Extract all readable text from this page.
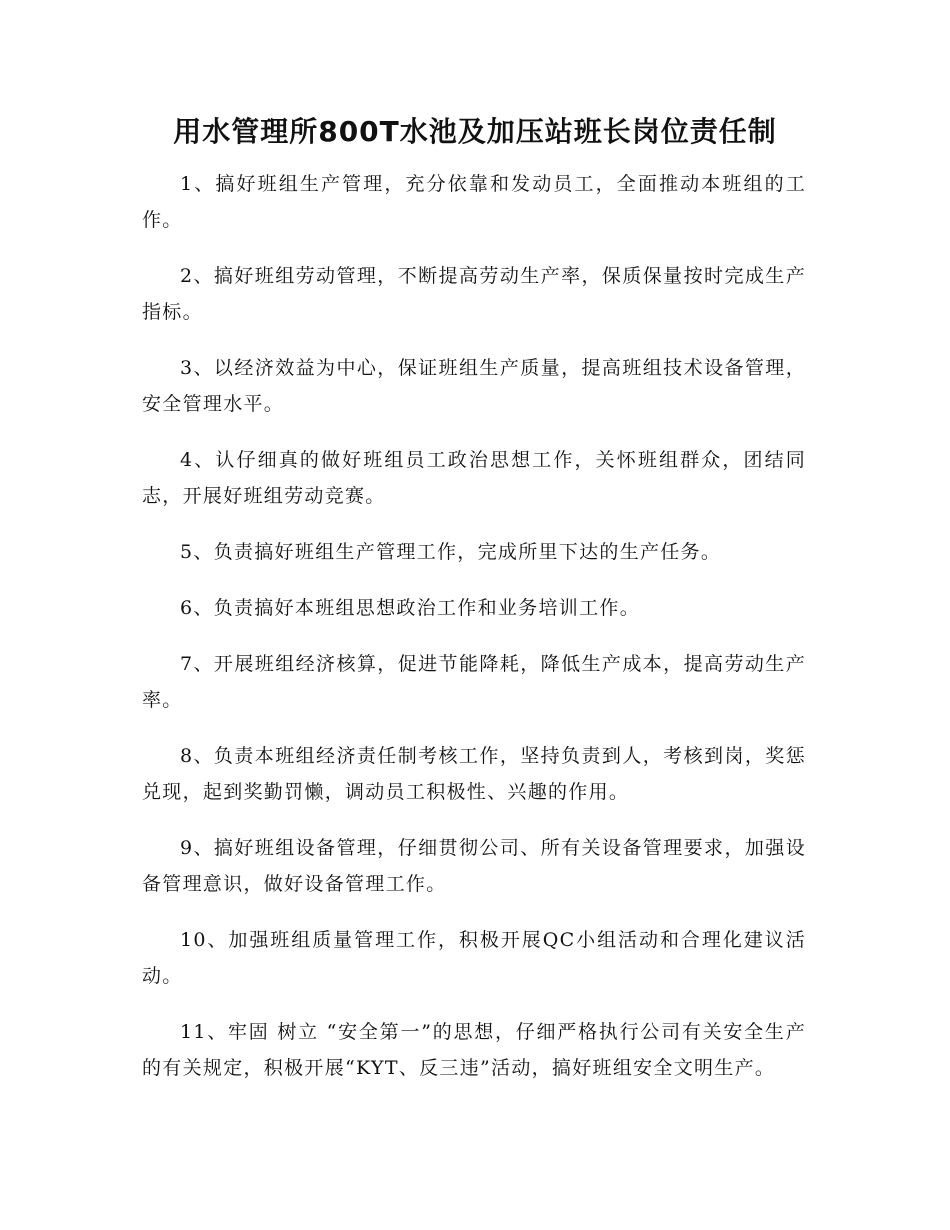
用水管理所800T水池及加压站班长岗位责任制

1、搞好班组生产管理，充分依靠和发动员工，全面推动本班组的工作。

2、搞好班组劳动管理，不断提高劳动生产率，保质保量按时完成生产指标。

3、以经济效益为中心，保证班组生产质量，提高班组技术设备管理，安全管理水平。

4、认仔细真的做好班组员工政治思想工作，关怀班组群众，团结同志，开展好班组劳动竞赛。

5、负责搞好班组生产管理工作，完成所里下达的生产任务。

6、负责搞好本班组思想政治工作和业务培训工作。

7、开展班组经济核算，促进节能降耗，降低生产成本，提高劳动生产率。

8、负责本班组经济责任制考核工作，坚持负责到人，考核到岗，奖惩兑现，起到奖勤罚懒，调动员工积极性、兴趣的作用。

9、搞好班组设备管理，仔细贯彻公司、所有关设备管理要求，加强设备管理意识，做好设备管理工作。

10、加强班组质量管理工作，积极开展QC小组活动和合理化建议活动。

11、牢固 树立 “安全第一”的思想，仔细严格执行公司有关安全生产的有关规定，积极开展“KYT、反三违”活动，搞好班组安全文明生产。
